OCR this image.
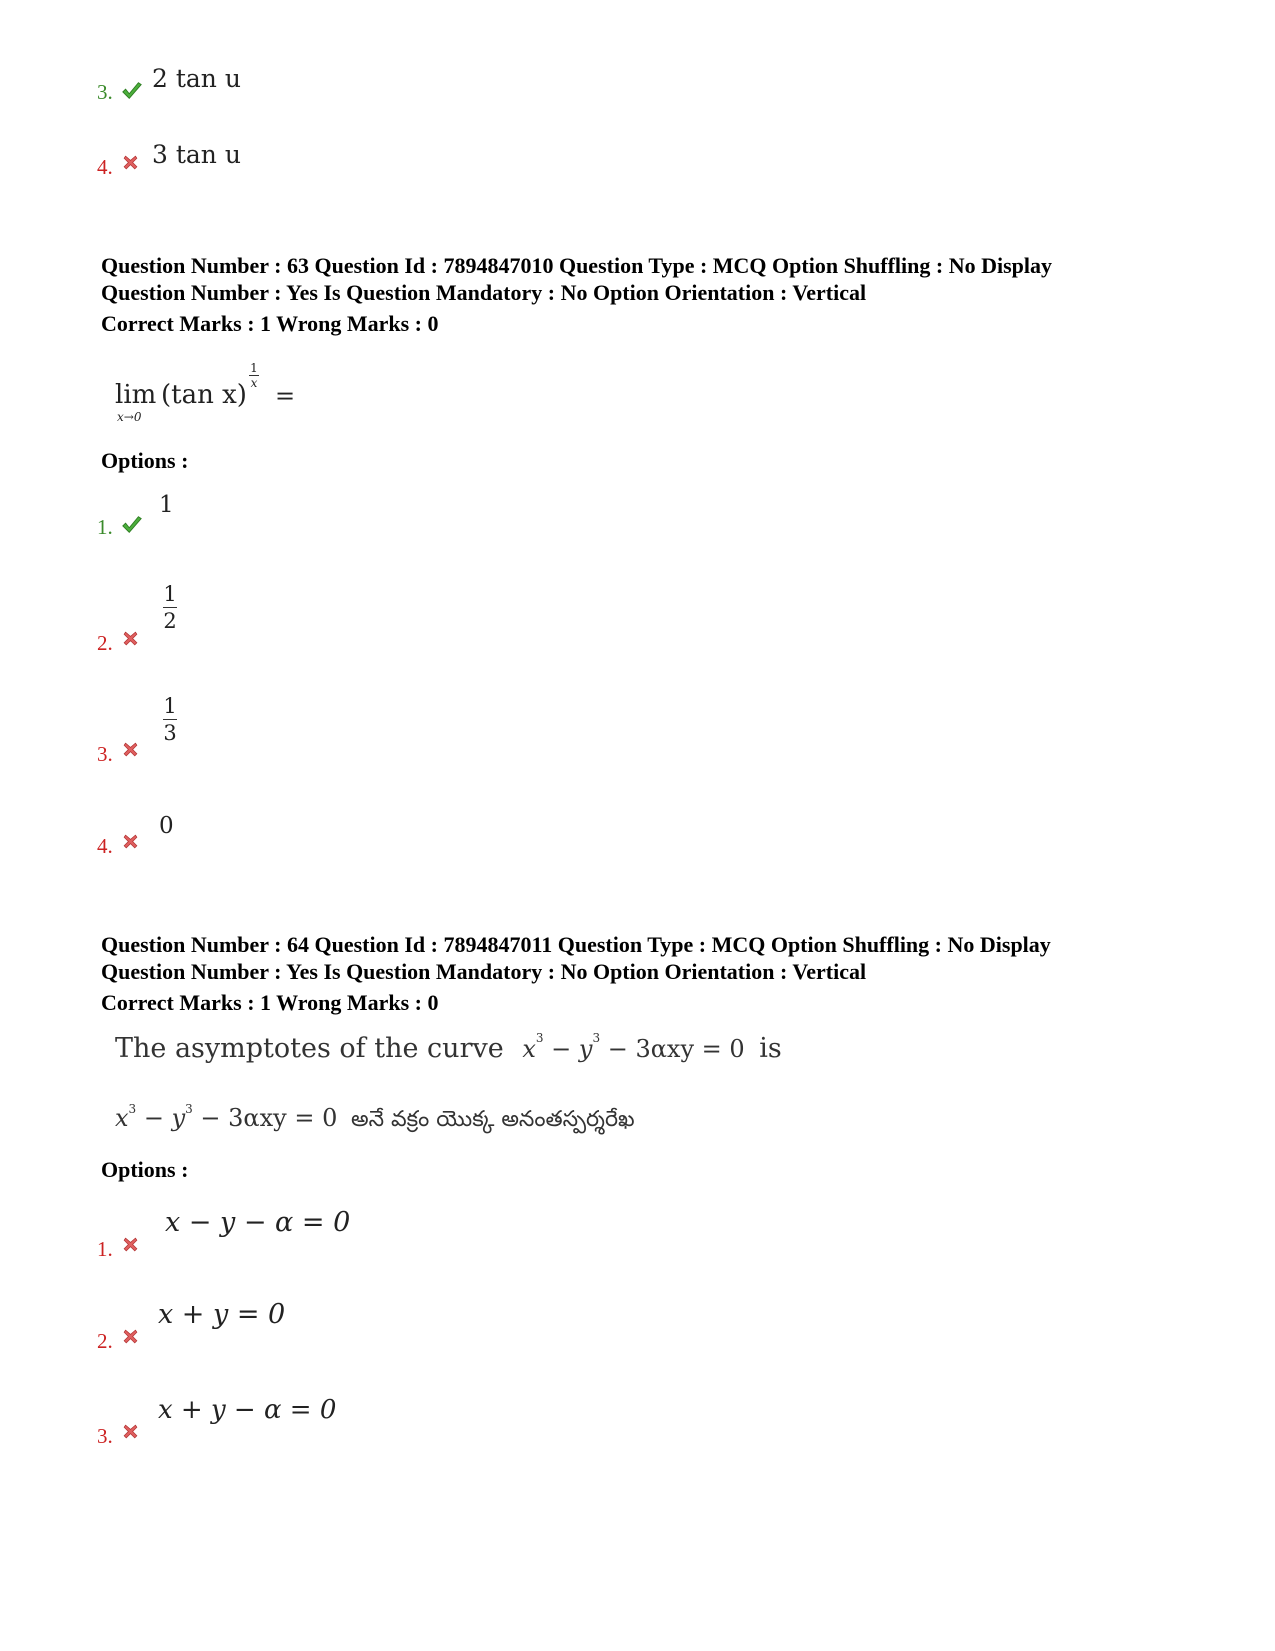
3. 2 tan u
4. 3 tan u
Question Number : 63 Question Id : 7894847010 Question Type : MCQ Option Shuffling : No Display
Question Number : Yes Is Question Mandatory : No Option Orientation : Vertical
Correct Marks : 1 Wrong Marks : 0
lim
x→0
(tan x)
1
x =
Options :
1.
1
2.
1
2
3.
1
3
4.
0
Question Number : 64 Question Id : 7894847011 Question Type : MCQ Option Shuffling : No Display
Question Number : Yes Is Question Mandatory : No Option Orientation : Vertical
Correct Marks : 1 Wrong Marks : 0
The asymptotes of the curve $x^3 - y^3 - 3\alpha xy = 0$ is
$x^3 - y^3 - 3\alpha xy = 0$ అనే వక్రం యొక్క అనంతస్పర్శరేఖ
Options :
1.
x − y − α = 0
2.
x + y = 0
3.
x + y − α = 0
